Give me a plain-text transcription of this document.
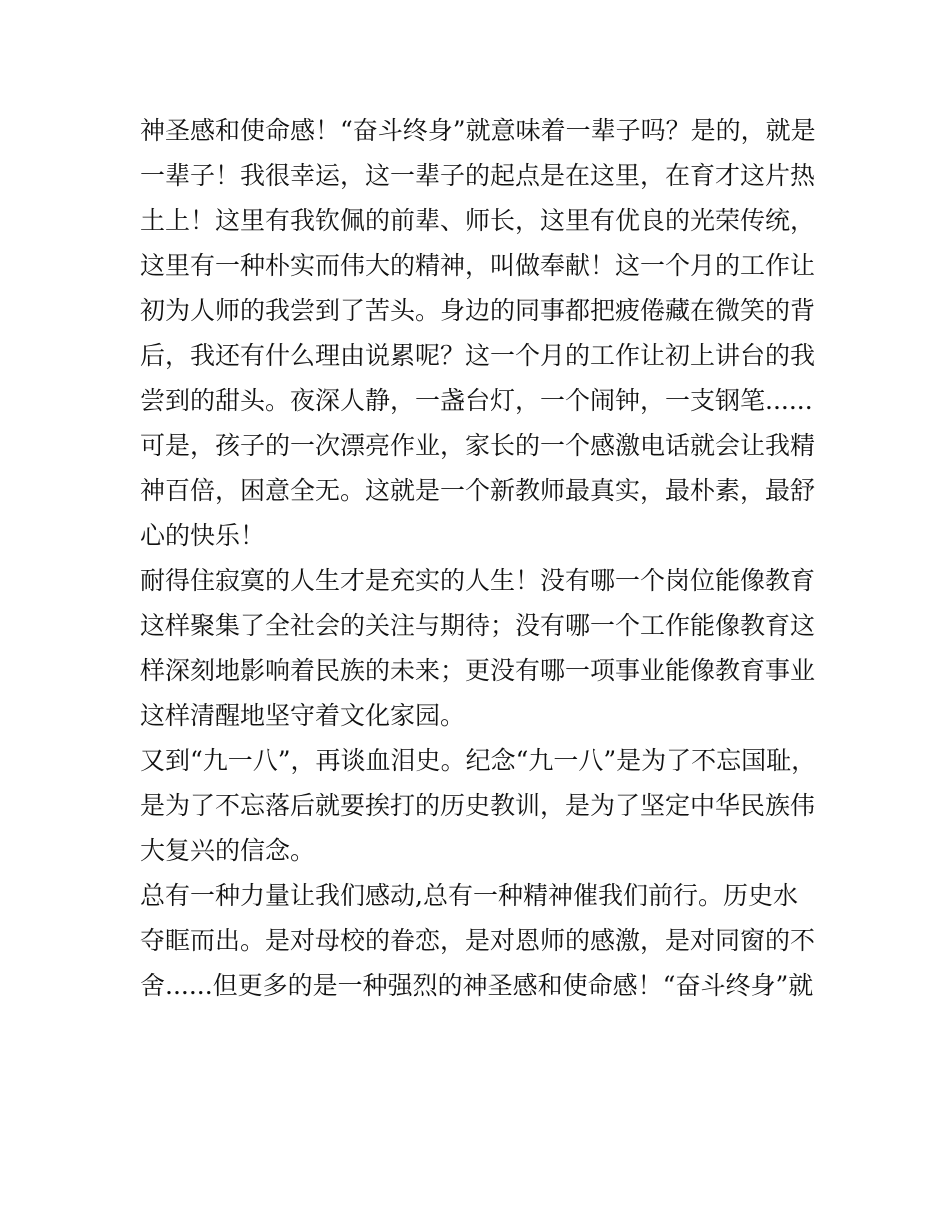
神圣感和使命感！“奋斗终身”就意味着一辈子吗？是的，就是
一辈子！我很幸运，这一辈子的起点是在这里，在育才这片热
土上！这里有我钦佩的前辈、师长，这里有优良的光荣传统，
这里有一种朴实而伟大的精神，叫做奉献！这一个月的工作让
初为人师的我尝到了苦头。身边的同事都把疲倦藏在微笑的背
后，我还有什么理由说累呢？这一个月的工作让初上讲台的我
尝到的甜头。夜深人静，一盏台灯，一个闹钟，一支钢笔......
可是，孩子的一次漂亮作业，家长的一个感激电话就会让我精
神百倍，困意全无。这就是一个新教师最真实，最朴素，最舒
心的快乐！
耐得住寂寞的人生才是充实的人生！没有哪一个岗位能像教育
这样聚集了全社会的关注与期待；没有哪一个工作能像教育这
样深刻地影响着民族的未来；更没有哪一项事业能像教育事业
这样清醒地坚守着文化家园。
又到“九一八”，再谈血泪史。纪念“九一八”是为了不忘国耻，
是为了不忘落后就要挨打的历史教训，是为了坚定中华民族伟
大复兴的信念。
总有一种力量让我们感动,总有一种精神催我们前行。历史水
夺眶而出。是对母校的眷恋，是对恩师的感激，是对同窗的不
舍......但更多的是一种强烈的神圣感和使命感！“奋斗终身”就
